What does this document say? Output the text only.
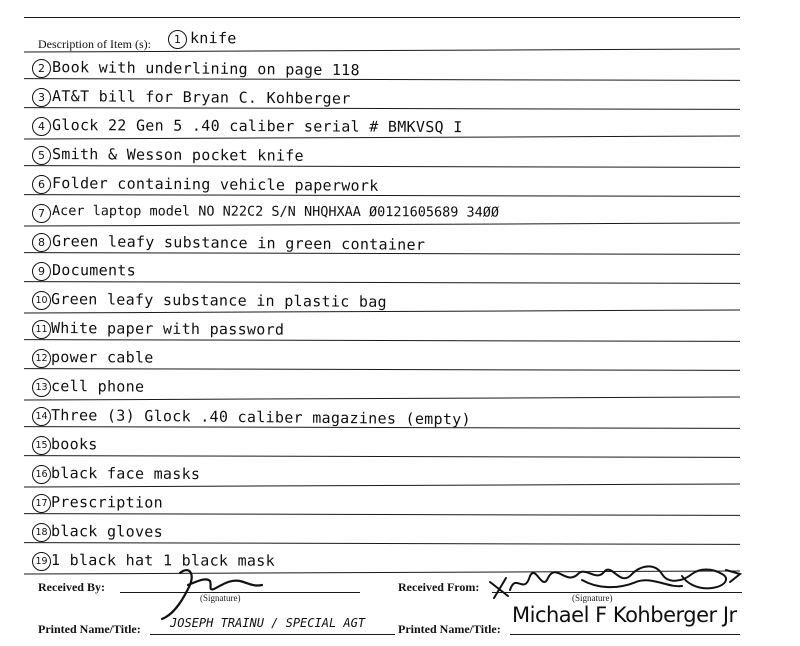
Description of Item (s):	1 knife
2 Book with underlining on page 118
3 AT&T bill for Bryan C. Kohberger
4 Glock 22 Gen 5 .40 caliber serial # BMKVSQ I
5 Smith & Wesson pocket knife
6 Folder containing vehicle paperwork
7 Acer laptop model NO N22C2 S/N NHQHXAA Ø0121605689 34ØØ
8 Green leafy substance in green container
9 Documents
10 Green leafy substance in plastic bag
11 White paper with password
12 power cable
13 cell phone
14 Three (3) Glock .40 caliber magazines (empty)
15 books
16 black face masks
17 Prescription
18 black gloves
19 1 black hat 1 black mask
Received By:
(Signature)
Received From:
(Signature)
Printed Name/Title: JOSEPH TRAINU / SPECIAL AGT	Printed Name/Title:
Michael F Kohberger Jr
